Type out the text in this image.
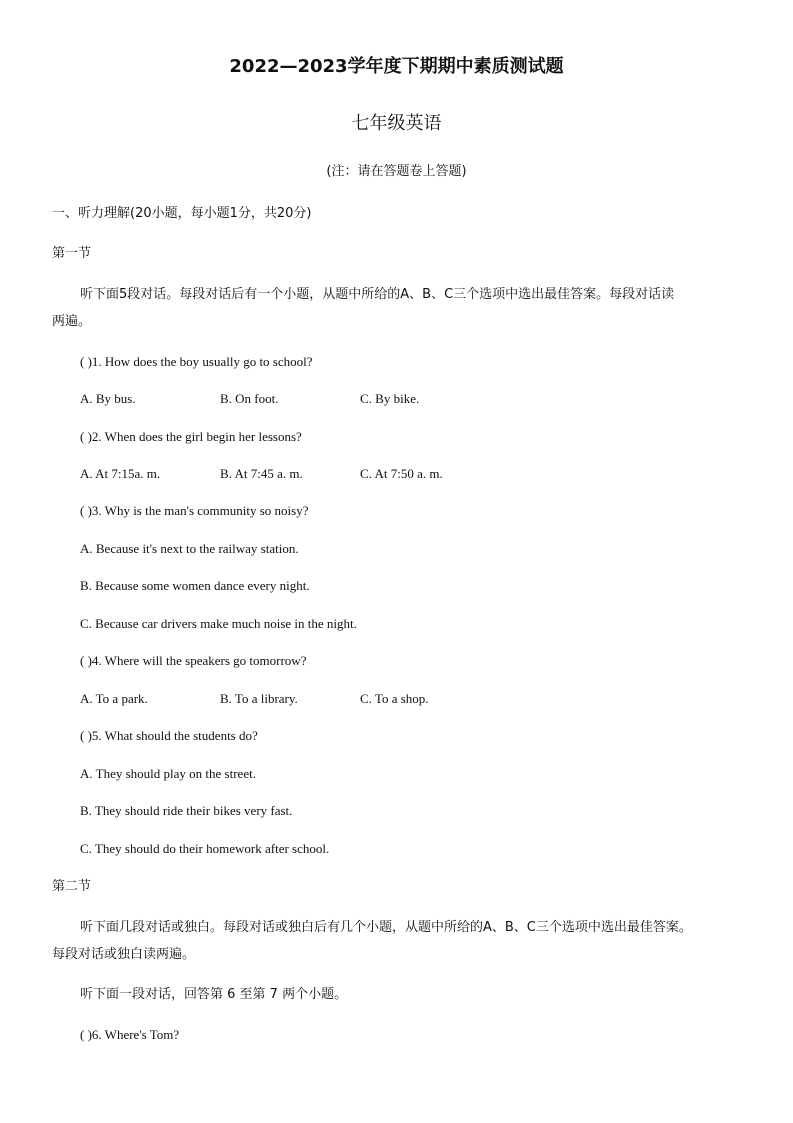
2022—2023学年度下期期中素质测试题
七年级英语
(注：请在答题卷上答题)
一、听力理解(20小题，每小题1分，共20分)
第一节
听下面5段对话。每段对话后有一个小题，从题中所给的A、B、C三个选项中选出最佳答案。每段对话读
两遍。
( )1. How does the boy usually go to school?
A. By bus.	B. On foot.	C. By bike.
( )2. When does the girl begin her lessons?
A. At 7:15a. m.	B. At 7:45 a. m.	C. At 7:50 a. m.
( )3. Why is the man's community so noisy?
A. Because it's next to the railway station.
B. Because some women dance every night.
C. Because car drivers make much noise in the night.
( )4. Where will the speakers go tomorrow?
A. To a park.	B. To a library.	C. To a shop.
( )5. What should the students do?
A. They should play on the street.
B. They should ride their bikes very fast.
C. They should do their homework after school.
第二节
听下面几段对话或独白。每段对话或独白后有几个小题，从题中所给的A、B、C三个选项中选出最佳答案。
每段对话或独白读两遍。
听下面一段对话，回答第 6 至第 7 两个小题。
( )6. Where's Tom?
